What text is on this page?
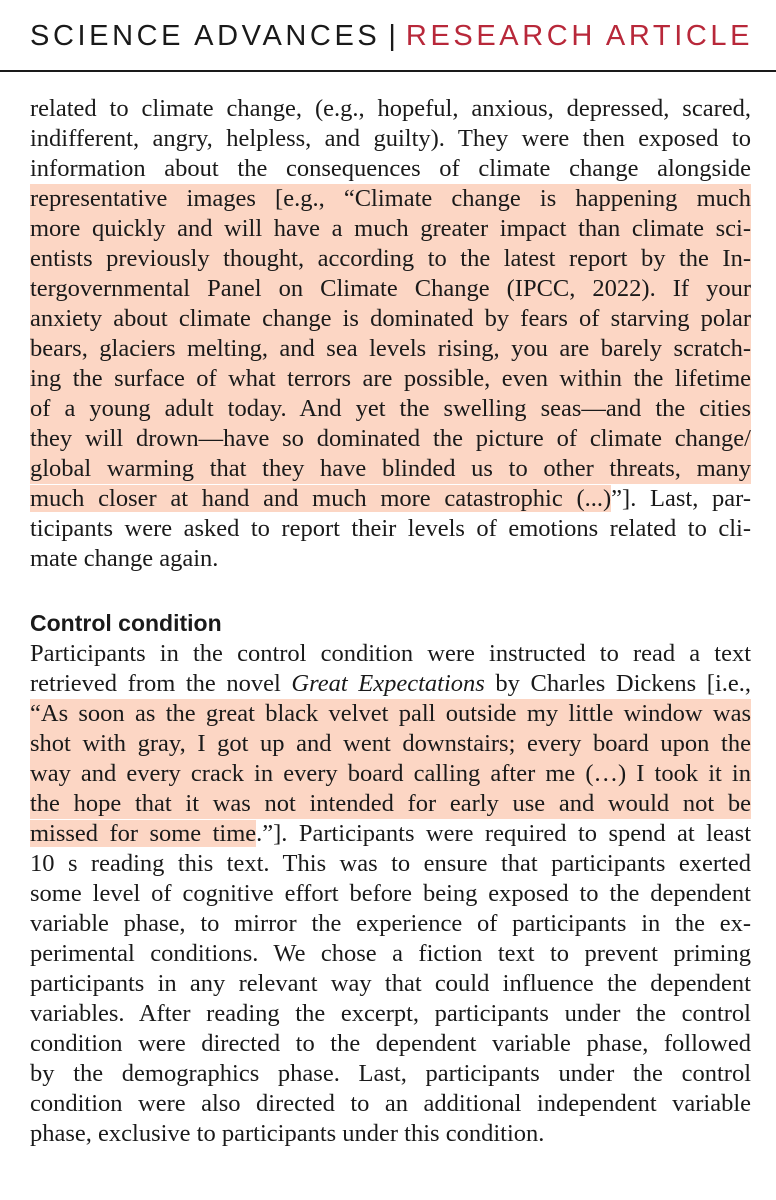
SCIENCE ADVANCES | RESEARCH ARTICLE
related to climate change, (e.g., hopeful, anxious, depressed, scared,
indifferent, angry, helpless, and guilty). They were then exposed to
information about the consequences of climate change alongside
representative images [e.g., “Climate change is happening much
more quickly and will have a much greater impact than climate sci-
entists previously thought, according to the latest report by the In-
tergovernmental Panel on Climate Change (IPCC, 2022). If your
anxiety about climate change is dominated by fears of starving polar
bears, glaciers melting, and sea levels rising, you are barely scratch-
ing the surface of what terrors are possible, even within the lifetime
of a young adult today. And yet the swelling seas—and the cities
they will drown—have so dominated the picture of climate change/
global warming that they have blinded us to other threats, many
much closer at hand and much more catastrophic (...)”]. Last, par-
ticipants were asked to report their levels of emotions related to cli-
mate change again.
Control condition
Participants in the control condition were instructed to read a text
retrieved from the novel Great Expectations by Charles Dickens [i.e.,
“As soon as the great black velvet pall outside my little window was
shot with gray, I got up and went downstairs; every board upon the
way and every crack in every board calling after me (…) I took it in
the hope that it was not intended for early use and would not be
missed for some time.”]. Participants were required to spend at least
10 s reading this text. This was to ensure that participants exerted
some level of cognitive effort before being exposed to the dependent
variable phase, to mirror the experience of participants in the ex-
perimental conditions. We chose a fiction text to prevent priming
participants in any relevant way that could influence the dependent
variables. After reading the excerpt, participants under the control
condition were directed to the dependent variable phase, followed
by the demographics phase. Last, participants under the control
condition were also directed to an additional independent variable
phase, exclusive to participants under this condition.
